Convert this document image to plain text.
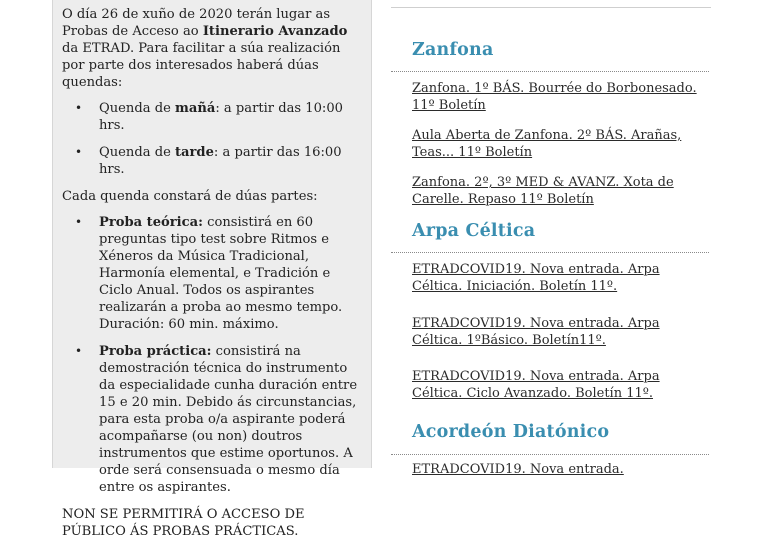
O día 26 de xuño de 2020 terán lugar as Probas de Acceso ao Itinerario Avanzado da ETRAD. Para facilitar a súa realización por parte dos interesados haberá dúas quendas:

• Quenda de mañá: a partir das 10:00 hrs.
• Quenda de tarde: a partir das 16:00 hrs.

Cada quenda constará de dúas partes:

• Proba teórica: consistirá en 60 preguntas tipo test sobre Ritmos e Xéneros da Música Tradicional, Harmonía elemental, e Tradición e Ciclo Anual. Todos os aspirantes realizarán a proba ao mesmo tempo. Duración: 60 min. máximo.
• Proba práctica: consistirá na demostración técnica do instrumento da especialidade cunha duración entre 15 e 20 min. Debido ás circunstancias, para esta proba o/a aspirante poderá acompañarse (ou non) doutros instrumentos que estime oportunos. A orde será consensuada o mesmo día entre os aspirantes.

NON SE PERMITIRÁ O ACCESO DE PÚBLICO ÁS PROBAS PRÁCTICAS.

Zanfona
Zanfona. 1º BÁS. Bourrée do Borbonesado. 11º Boletín
Aula Aberta de Zanfona. 2º BÁS. Arañas, Teas... 11º Boletín
Zanfona. 2º, 3º MED & AVANZ. Xota de Carelle. Repaso 11º Boletín
Arpa Céltica
ETRADCOVID19. Nova entrada. Arpa Céltica. Iniciación. Boletín 11º.
ETRADCOVID19. Nova entrada. Arpa Céltica. 1ºBásico. Boletín11º.
ETRADCOVID19. Nova entrada. Arpa Céltica. Ciclo Avanzado. Boletín 11º.
Acordeón Diatónico
ETRADCOVID19. Nova entrada.
